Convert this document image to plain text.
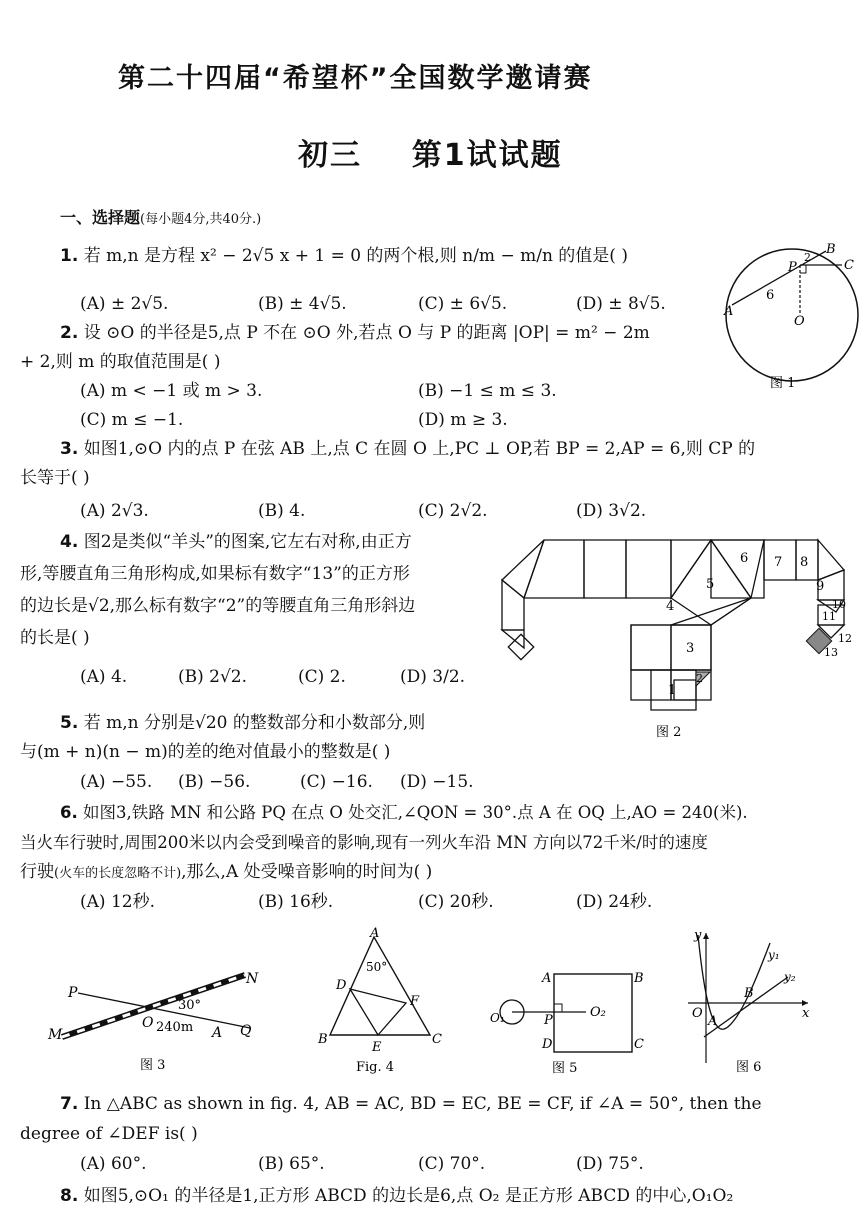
第二十四届“希望杯”全国数学邀请赛
初三    第1试试题
一、选择题(每小题4分,共40分.)
1. 若 m,n 是方程 x² − 2√5 x + 1 = 0 的两个根,则 n/m − m/n 的值是( )
(A) ± 2√5.	(B) ± 4√5.	(C) ± 6√5.	(D) ± 8√5.
2. 设 ⊙O 的半径是5,点 P 不在 ⊙O 外,若点 O 与 P 的距离 |OP| = m² − 2m
+ 2,则 m 的取值范围是( )
(A) m < −1 或 m > 3.	(B) −1 ≤ m ≤ 3.
(C) m ≤ −1.	(D) m ≥ 3.
3. 如图1,⊙O 内的点 P 在弦 AB 上,点 C 在圆 O 上,PC ⊥ OP,若 BP = 2,AP = 6,则 CP 的
长等于( )
(A) 2√3.	(B) 4.	(C) 2√2.	(D) 3√2.
4. 图2是类似“羊头”的图案,它左右对称,由正方
形,等腰直角三角形构成,如果标有数字“13”的正方形
的边长是√2,那么标有数字“2”的等腰直角三角形斜边
的长是( )
(A) 4.	(B) 2√2.	(C) 2.	(D) 3/2.
5. 若 m,n 分别是√20 的整数部分和小数部分,则
与(m + n)(n − m)的差的绝对值最小的整数是( )
(A) −55. (B) −56.	(C) −16. (D) −15.
6. 如图3,铁路 MN 和公路 PQ 在点 O 处交汇,∠QON = 30°.点 A 在 OQ 上,AO = 240(米).
当火车行驶时,周围200米以内会受到噪音的影响,现有一列火车沿 MN 方向以72千米/时的速度
行驶(火车的长度忽略不计),那么,A 处受噪音影响的时间为( )
(A) 12秒.	(B) 16秒.	(C) 20秒.	(D) 24秒.
7. In △ABC as shown in fig. 4, AB = AC, BD = EC, BE = CF, if ∠A = 50°, then the
degree of ∠DEF is( )
(A) 60°.	(B) 65°.	(C) 70°.	(D) 75°.
8. 如图5,⊙O₁ 的半径是1,正方形 ABCD 的边长是6,点 O₂ 是正方形 ABCD 的中心,O₁O₂
B
P
2
C
6
A
O
图 1
6 7
5
8
9
10
11
12
13
4
3
2
1
图 2
P
N
M
O
30°
240m A Q
图 3
A
50°
D
F
B
E
C
Fig. 4
A	B
O₁	P
O₂
D	C
图 5
y
y₁
y₂
B
O
A
x
图 6
